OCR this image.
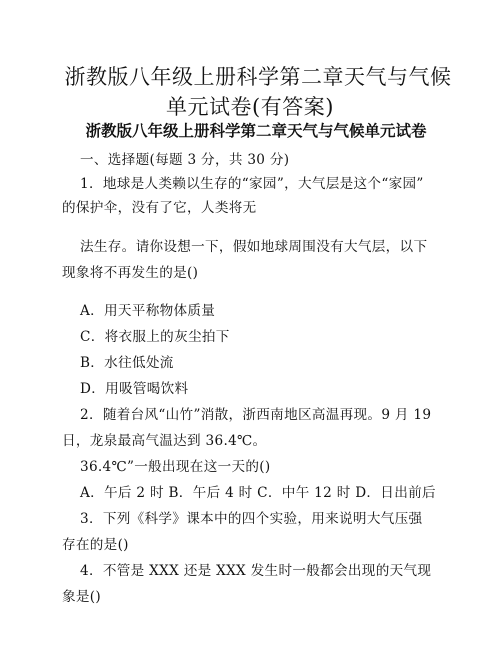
浙教版八年级上册科学第二章天气与气候
单元试卷(有答案)
浙教版八年级上册科学第二章天气与气候单元试卷
一、选择题(每题 3 分，共 30 分)
1．地球是人类赖以生存的“家园”，大气层是这个“家园”
的保护伞，没有了它，人类将无
法生存。请你设想一下，假如地球周围没有大气层，以下
现象将不再发生的是()
A．用天平称物体质量
C．将衣服上的灰尘拍下
B．水往低处流
D．用吸管喝饮料
2．随着台风“山竹”消散，浙西南地区高温再现。9 月 19
日，龙泉最高气温达到 36.4℃。
36.4℃”一般出现在这一天的()
A．午后 2 时 B．午后 4 时 C．中午 12 时 D．日出前后
3．下列《科学》课本中的四个实验，用来说明大气压强
存在的是()
4．不管是 XXX 还是 XXX 发生时一般都会出现的天气现
象是()
